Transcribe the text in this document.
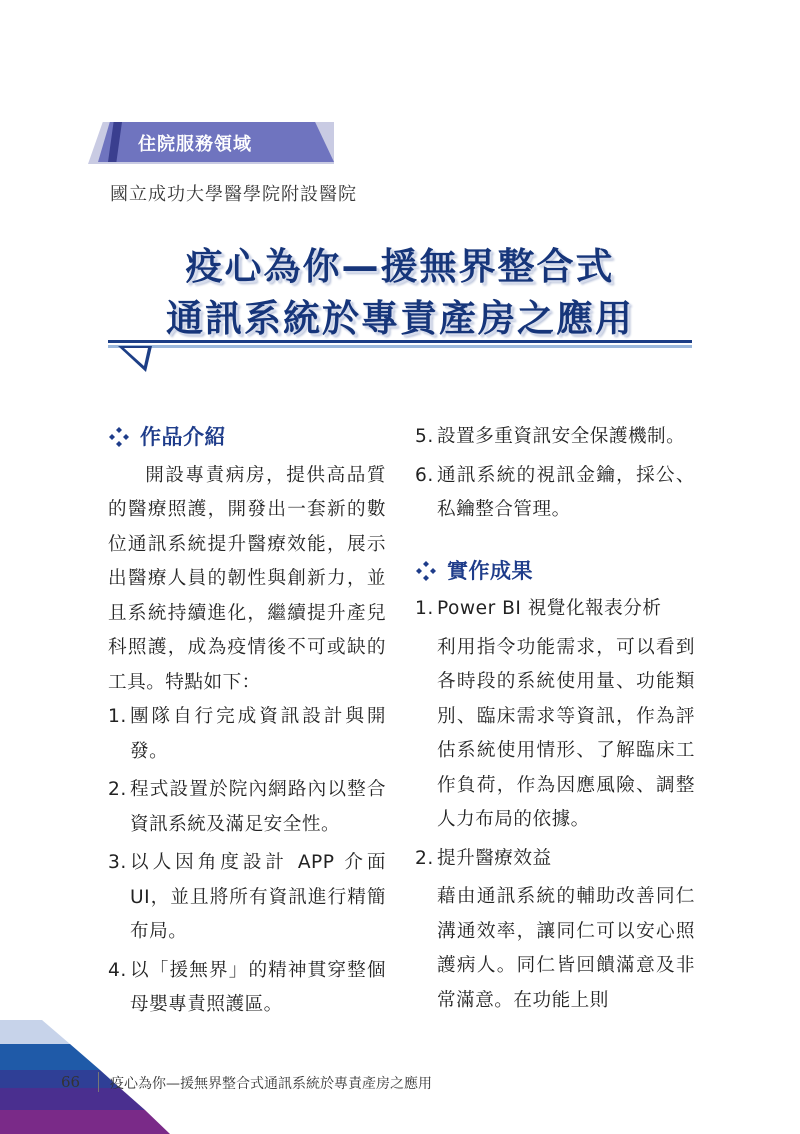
住院服務領域
國立成功大學醫學院附設醫院
疫心為你—援無界整合式
通訊系統於專責產房之應用
作品介紹

開設專責病房，提供高品質的醫療照護，開發出一套新的數位通訊系統提升醫療效能，展示出醫療人員的韌性與創新力，並且系統持續進化，繼續提升產兒科照護，成為疫情後不可或缺的工具。特點如下：

1. 團隊自行完成資訊設計與開發。
2. 程式設置於院內網路內以整合資訊系統及滿足安全性。
3. 以人因角度設計 APP 介面 UI，並且將所有資訊進行精簡布局。
4. 以「援無界」的精神貫穿整個母嬰專責照護區。
5. 設置多重資訊安全保護機制。
6. 通訊系統的視訊金鑰，採公、私鑰整合管理。
實作成果
1. Power BI 視覺化報表分析

利用指令功能需求，可以看到各時段的系統使用量、功能類別、臨床需求等資訊，作為評估系統使用情形、了解臨床工作負荷，作為因應風險、調整人力布局的依據。

2. 提升醫療效益

藉由通訊系統的輔助改善同仁溝通效率，讓同仁可以安心照護病人。同仁皆回饋滿意及非常滿意。在功能上則

66 疫心為你—援無界整合式通訊系統於專責產房之應用
